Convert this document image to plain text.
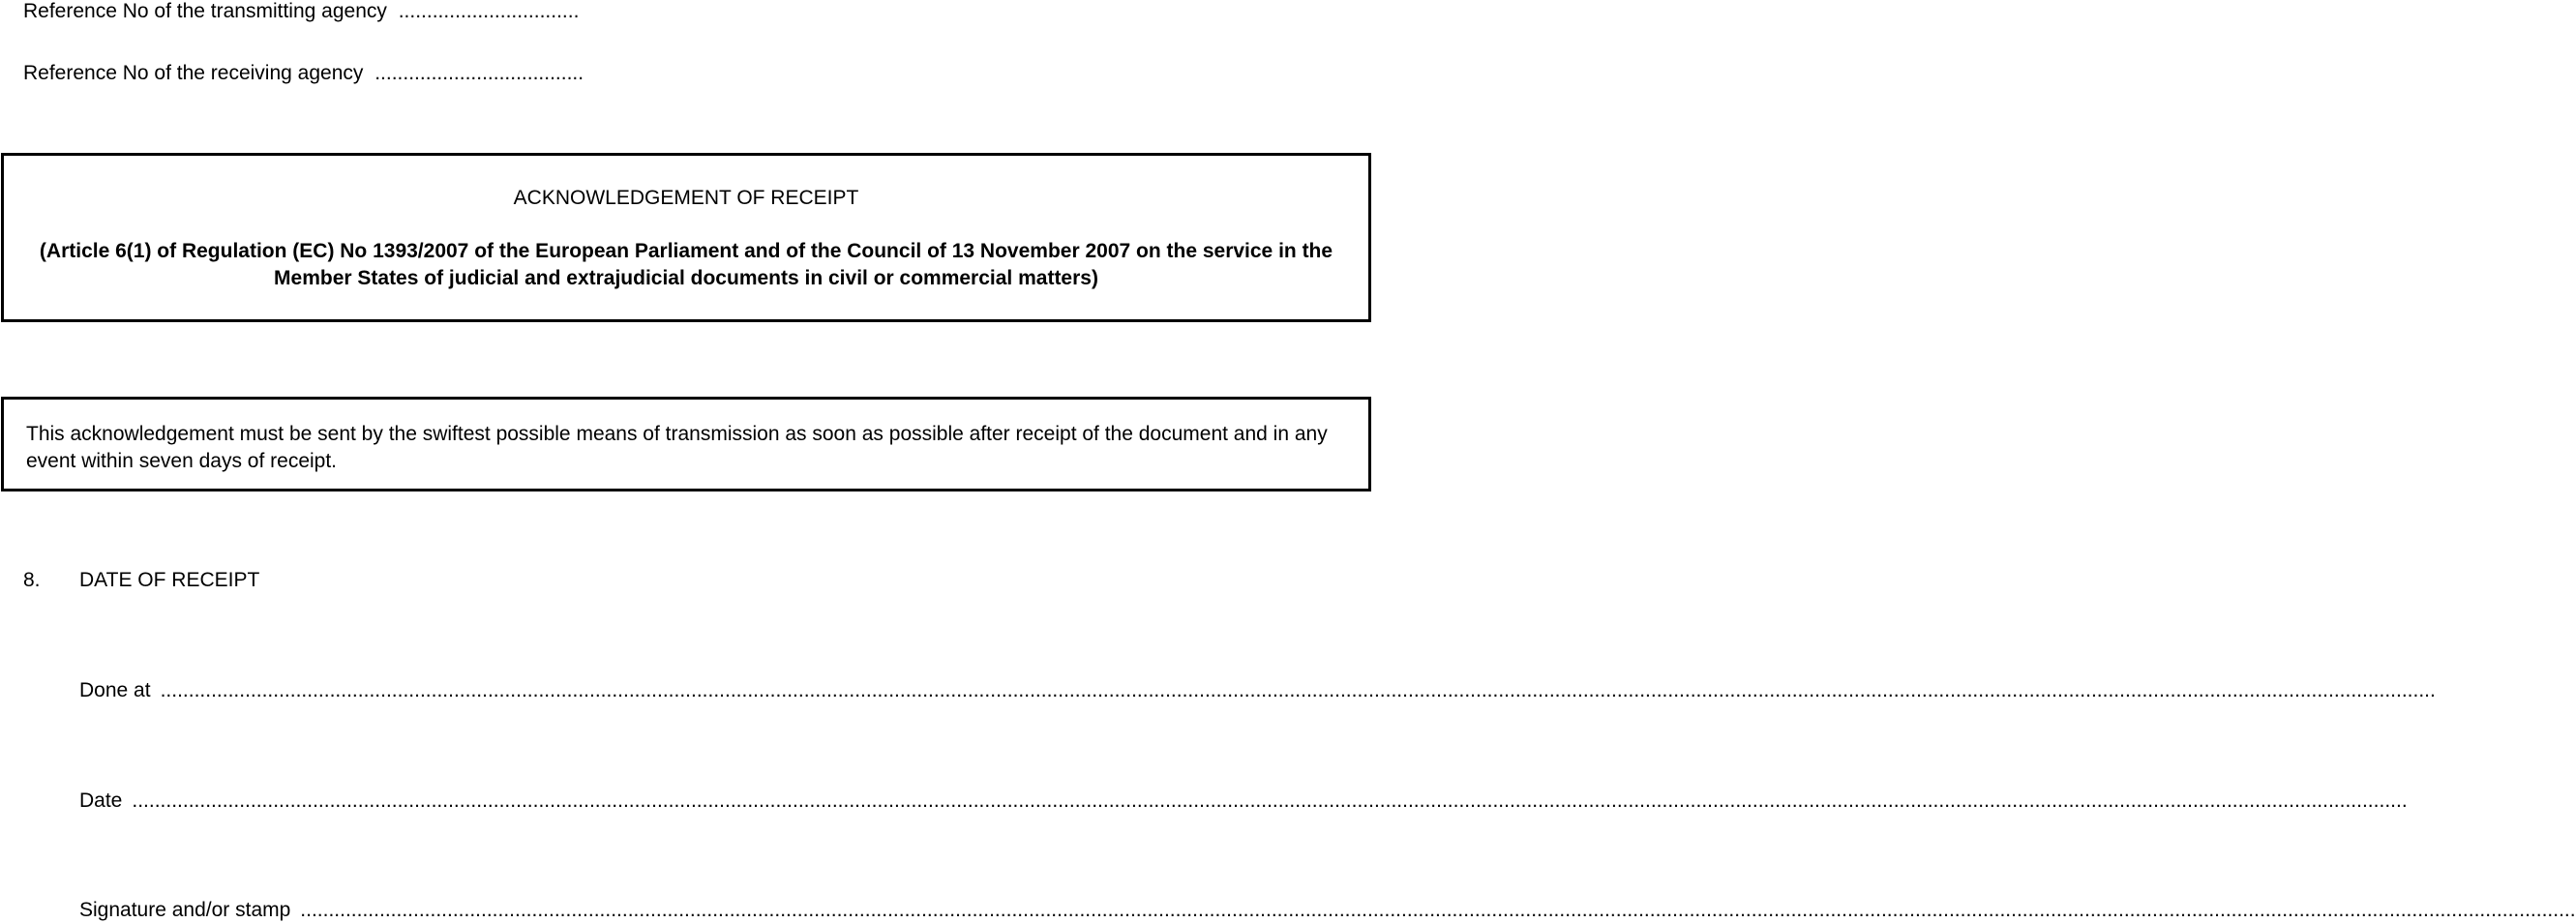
Reference No of the transmitting agency ................................
Reference No of the receiving agency .....................................
ACKNOWLEDGEMENT OF RECEIPT
(Article 6(1) of Regulation (EC) No 1393/2007 of the European Parliament and of the Council of 13 November 2007 on the service in the Member States of judicial and extrajudicial documents in civil or commercial matters)
This acknowledgement must be sent by the swiftest possible means of transmission as soon as possible after receipt of the document and in any event within seven days of receipt.
8. DATE OF RECEIPT
Done at ...................................................................................................................................................................................................................................................................................................................................................................................................................
Date ...................................................................................................................................................................................................................................................................................................................................................................................................................
Signature and/or stamp ...................................................................................................................................................................................................................................................................................................................................................................................................................
